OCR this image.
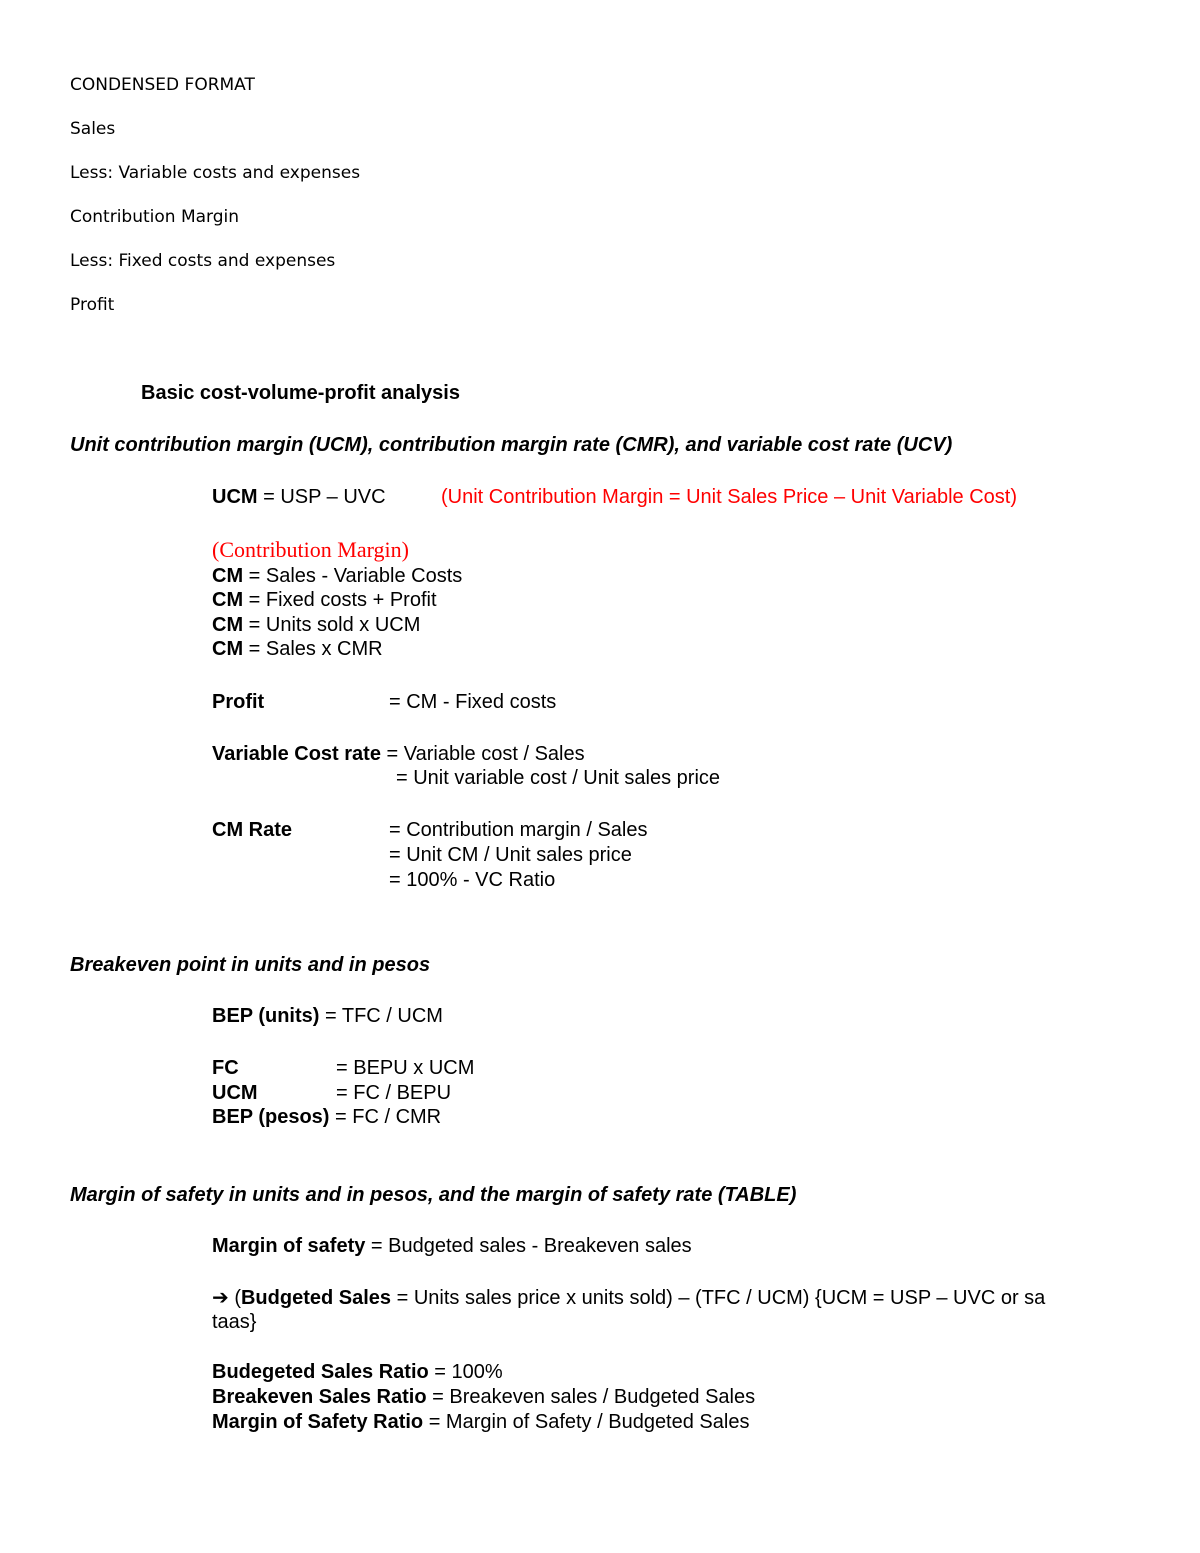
CONDENSED FORMAT
Sales
Less: Variable costs and expenses
Contribution Margin
Less: Fixed costs and expenses
Profit
Basic cost-volume-profit analysis
Unit contribution margin (UCM), contribution margin rate (CMR), and variable cost rate (UCV)
UCM = USP – UVC	(Unit Contribution Margin = Unit Sales Price – Unit Variable Cost)
(Contribution Margin)
CM = Sales - Variable Costs
CM = Fixed costs + Profit
CM = Units sold x UCM
CM = Sales x CMR
Profit	= CM - Fixed costs
Variable Cost rate = Variable cost / Sales
= Unit variable cost / Unit sales price
CM Rate	= Contribution margin / Sales
= Unit CM / Unit sales price
= 100% - VC Ratio
Breakeven point in units and in pesos
BEP (units) = TFC / UCM
FC	= BEPU x UCM
UCM	= FC / BEPU
BEP (pesos) = FC / CMR
Margin of safety in units and in pesos, and the margin of safety rate (TABLE)
Margin of safety = Budgeted sales - Breakeven sales
➔ (Budgeted Sales = Units sales price x units sold) – (TFC / UCM) {UCM = USP – UVC or sa
taas}
Budegeted Sales Ratio = 100%
Breakeven Sales Ratio = Breakeven sales / Budgeted Sales
Margin of Safety Ratio = Margin of Safety / Budgeted Sales
